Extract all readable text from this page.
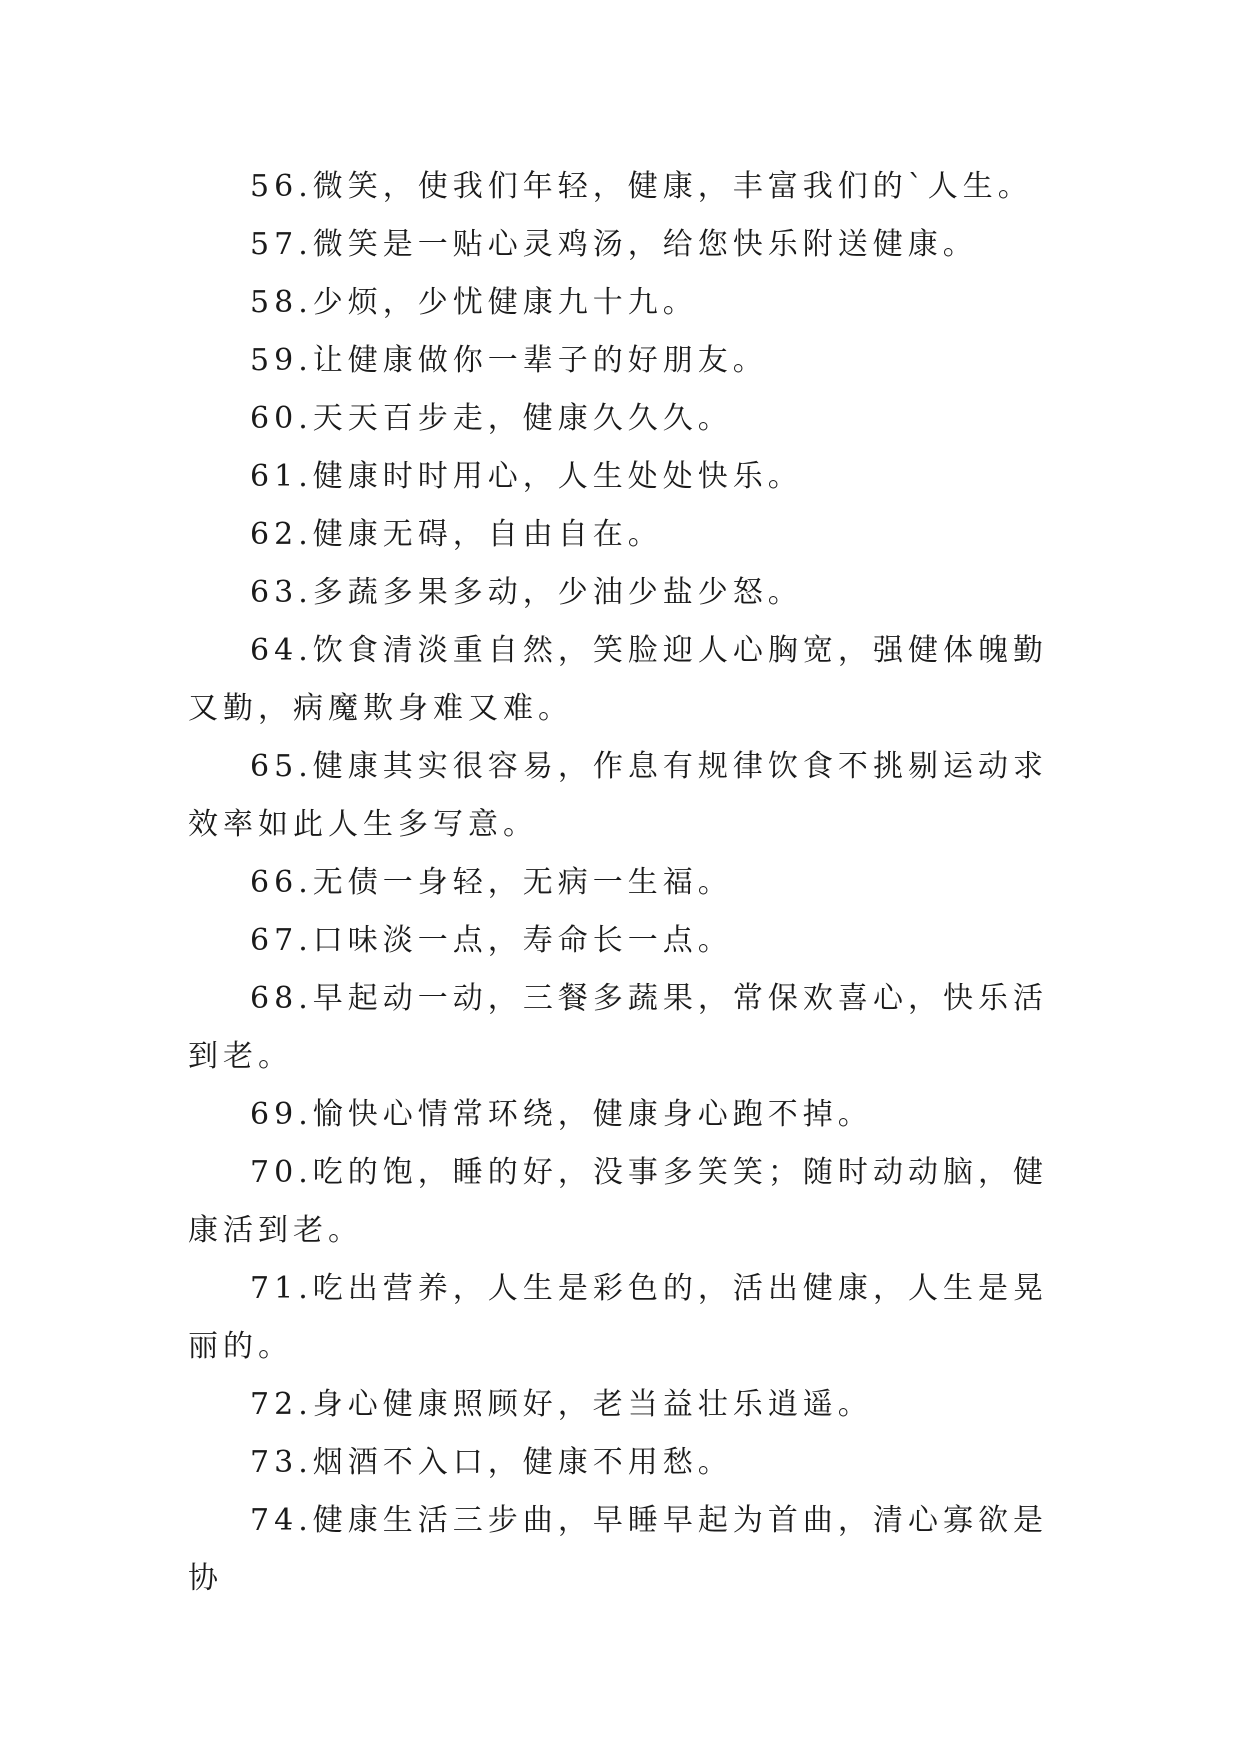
56.微笑，使我们年轻，健康，丰富我们的`人生。

57.微笑是一贴心灵鸡汤，给您快乐附送健康。

58.少烦，少忧健康九十九。

59.让健康做你一辈子的好朋友。

60.天天百步走，健康久久久。

61.健康时时用心，人生处处快乐。

62.健康无碍，自由自在。

63.多蔬多果多动，少油少盐少怒。

64.饮食清淡重自然，笑脸迎人心胸宽，强健体魄勤又勤，病魔欺身难又难。

65.健康其实很容易，作息有规律饮食不挑剔运动求效率如此人生多写意。

66.无债一身轻，无病一生福。

67.口味淡一点，寿命长一点。

68.早起动一动，三餐多蔬果，常保欢喜心，快乐活到老。

69.愉快心情常环绕，健康身心跑不掉。

70.吃的饱，睡的好，没事多笑笑；随时动动脑，健康活到老。

71.吃出营养，人生是彩色的，活出健康，人生是晃丽的。

72.身心健康照顾好，老当益壮乐逍遥。

73.烟酒不入口，健康不用愁。

74.健康生活三步曲，早睡早起为首曲，清心寡欲是协
